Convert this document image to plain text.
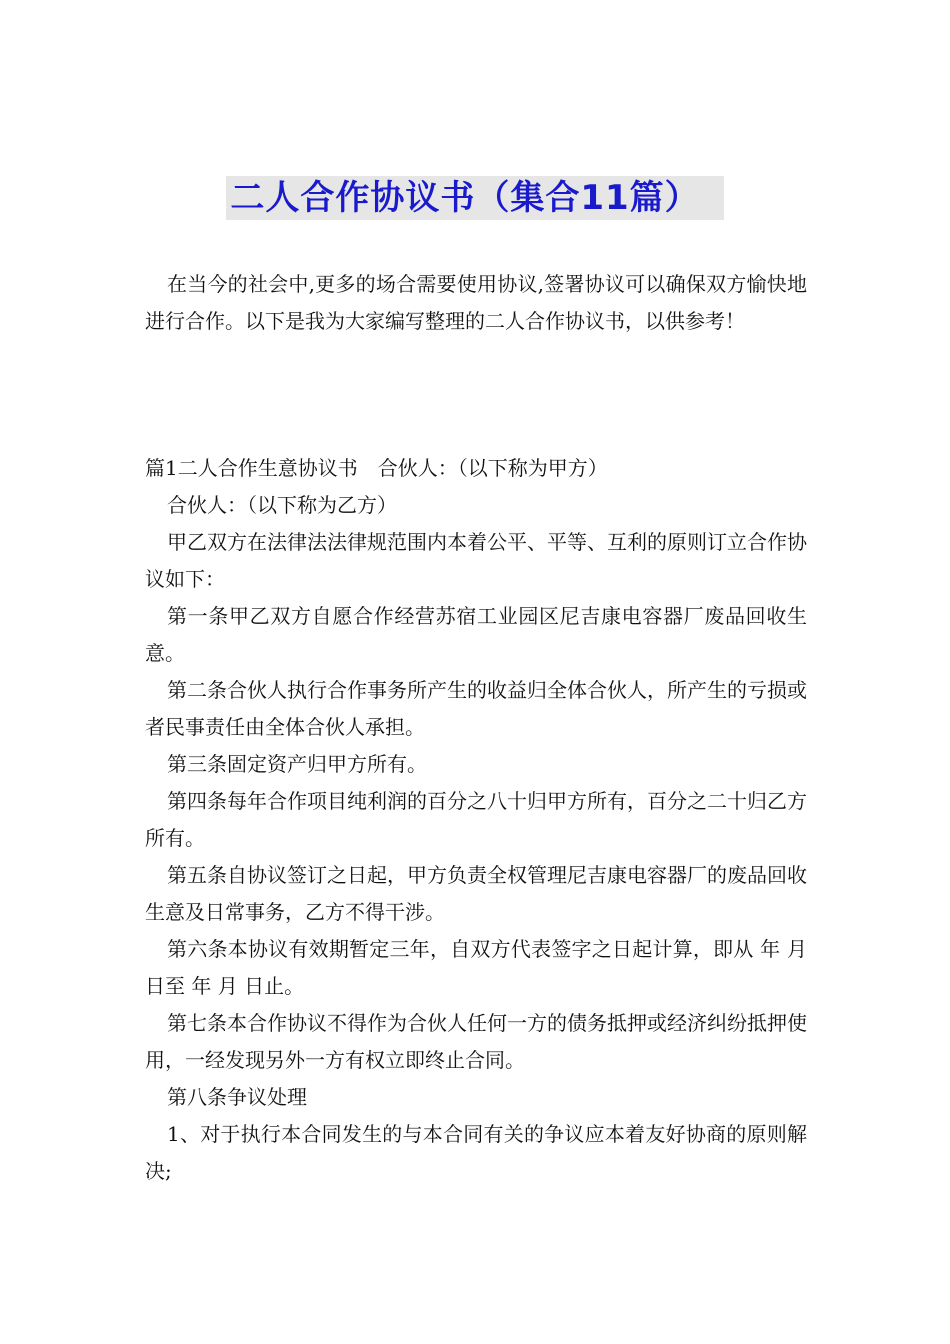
二人合作协议书（集合11篇）

在当今的社会中,更多的场合需要使用协议,签署协议可以确保双方愉快地进行合作。以下是我为大家编写整理的二人合作协议书，以供参考！

篇1二人合作生意协议书　合伙人：（以下称为甲方）

合伙人：（以下称为乙方）

甲乙双方在法律法法律规范围内本着公平、平等、互利的原则订立合作协议如下：

第一条甲乙双方自愿合作经营苏宿工业园区尼吉康电容器厂废品回收生意。

第二条合伙人执行合作事务所产生的收益归全体合伙人，所产生的亏损或者民事责任由全体合伙人承担。

第三条固定资产归甲方所有。

第四条每年合作项目纯利润的百分之八十归甲方所有，百分之二十归乙方所有。

第五条自协议签订之日起，甲方负责全权管理尼吉康电容器厂的废品回收生意及日常事务，乙方不得干涉。

第六条本协议有效期暂定三年，自双方代表签字之日起计算，即从 年 月 日至 年 月 日止。

第七条本合作协议不得作为合伙人任何一方的债务抵押或经济纠纷抵押使用，一经发现另外一方有权立即终止合同。

第八条争议处理

1、对于执行本合同发生的与本合同有关的争议应本着友好协商的原则解决;
